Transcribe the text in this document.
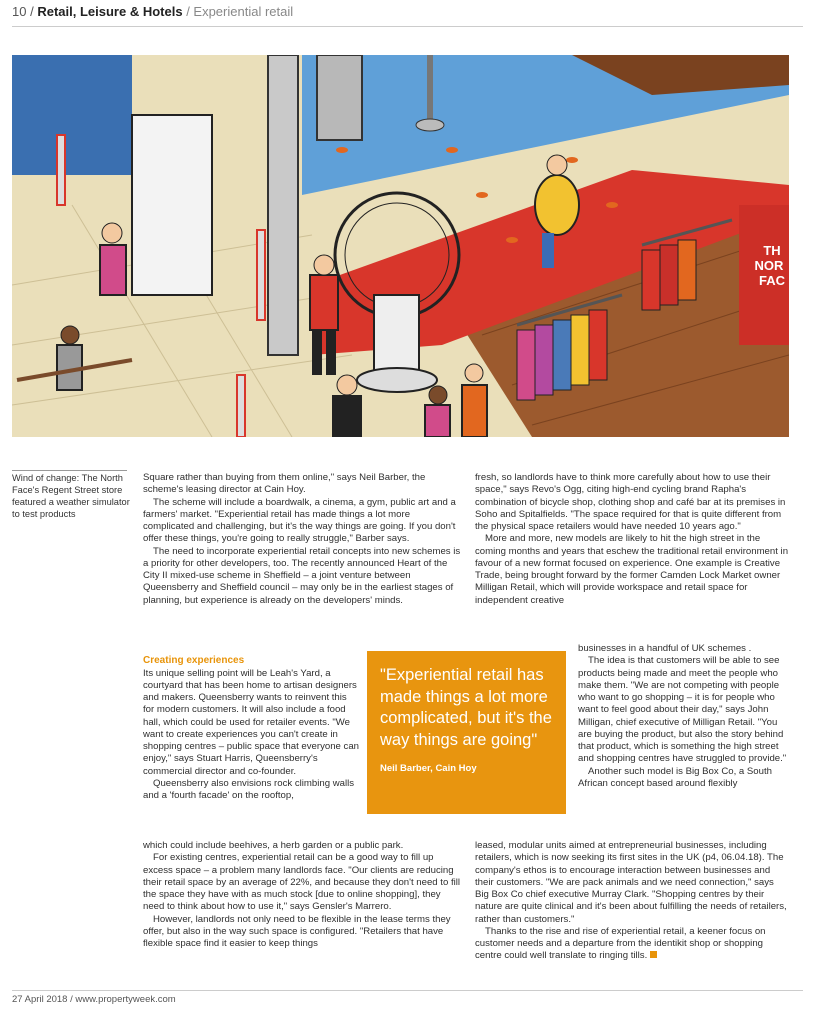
10 / Retail, Leisure & Hotels / Experiential retail
TH NOR FAC
Wind of change: The North Face's Regent Street store featured a weather simulator to test products

Square rather than buying from them online," says Neil Barber, the scheme's leasing director at Cain Hoy.

The scheme will include a boardwalk, a cinema, a gym, public art and a farmers' market. "Experiential retail has made things a lot more complicated and challenging, but it's the way things are going. If you don't offer these things, you're going to really struggle," Barber says.

The need to incorporate experiential retail concepts into new schemes is a priority for other developers, too. The recently announced Heart of the City II mixed-use scheme in Sheffield – a joint venture between Queensberry and Sheffield council – may only be in the earliest stages of planning, but experience is already on the developers' minds.

Creating experiences

Its unique selling point will be Leah's Yard, a courtyard that has been home to artisan designers and makers. Queensberry wants to reinvent this for modern customers. It will also include a food hall, which could be used for retailer events. "We want to create experiences you can't create in shopping centres – public space that everyone can enjoy," says Stuart Harris, Queensberry's commercial director and co-founder.

Queensberry also envisions rock climbing walls and a 'fourth facade' on the rooftop,

which could include beehives, a herb garden or a public park.

For existing centres, experiential retail can be a good way to fill up excess space – a problem many landlords face. "Our clients are reducing their retail space by an average of 22%, and because they don't need to fill the space they have with as much stock [due to online shopping], they need to think about how to use it," says Gensler's Marrero.

However, landlords not only need to be flexible in the lease terms they offer, but also in the way such space is configured. "Retailers that have flexible space find it easier to keep things

"Experiential retail has made things a lot more complicated, but it's the way things are going"
Neil Barber, Cain Hoy

fresh, so landlords have to think more carefully about how to use their space," says Revo's Ogg, citing high-end cycling brand Rapha's combination of bicycle shop, clothing shop and café bar at its premises in Soho and Spitalfields. "The space required for that is quite different from the physical space retailers would have needed 10 years ago."

More and more, new models are likely to hit the high street in the coming months and years that eschew the traditional retail environment in favour of a new format focused on experience. One example is Creative Trade, being brought forward by the former Camden Lock Market owner Milligan Retail, which will provide workspace and retail space for independent creative

businesses in a handful of UK schemes .

The idea is that customers will be able to see products being made and meet the people who make them. "We are not competing with people who want to go shopping – it is for people who want to feel good about their day," says John Milligan, chief executive of Milligan Retail. "You are buying the product, but also the story behind that product, which is something the high street and shopping centres have struggled to provide."

Another such model is Big Box Co, a South African concept based around flexibly

leased, modular units aimed at entrepreneurial businesses, including retailers, which is now seeking its first sites in the UK (p4, 06.04.18). The company's ethos is to encourage interaction between businesses and their customers. "We are pack animals and we need connection," says Big Box Co chief executive Murray Clark. "Shopping centres by their nature are quite clinical and it's been about fulfilling the needs of retailers, rather than customers."

Thanks to the rise and rise of experiential retail, a keener focus on customer needs and a departure from the identikit shop or shopping centre could well translate to ringing tills.

27 April 2018 / www.propertyweek.com
